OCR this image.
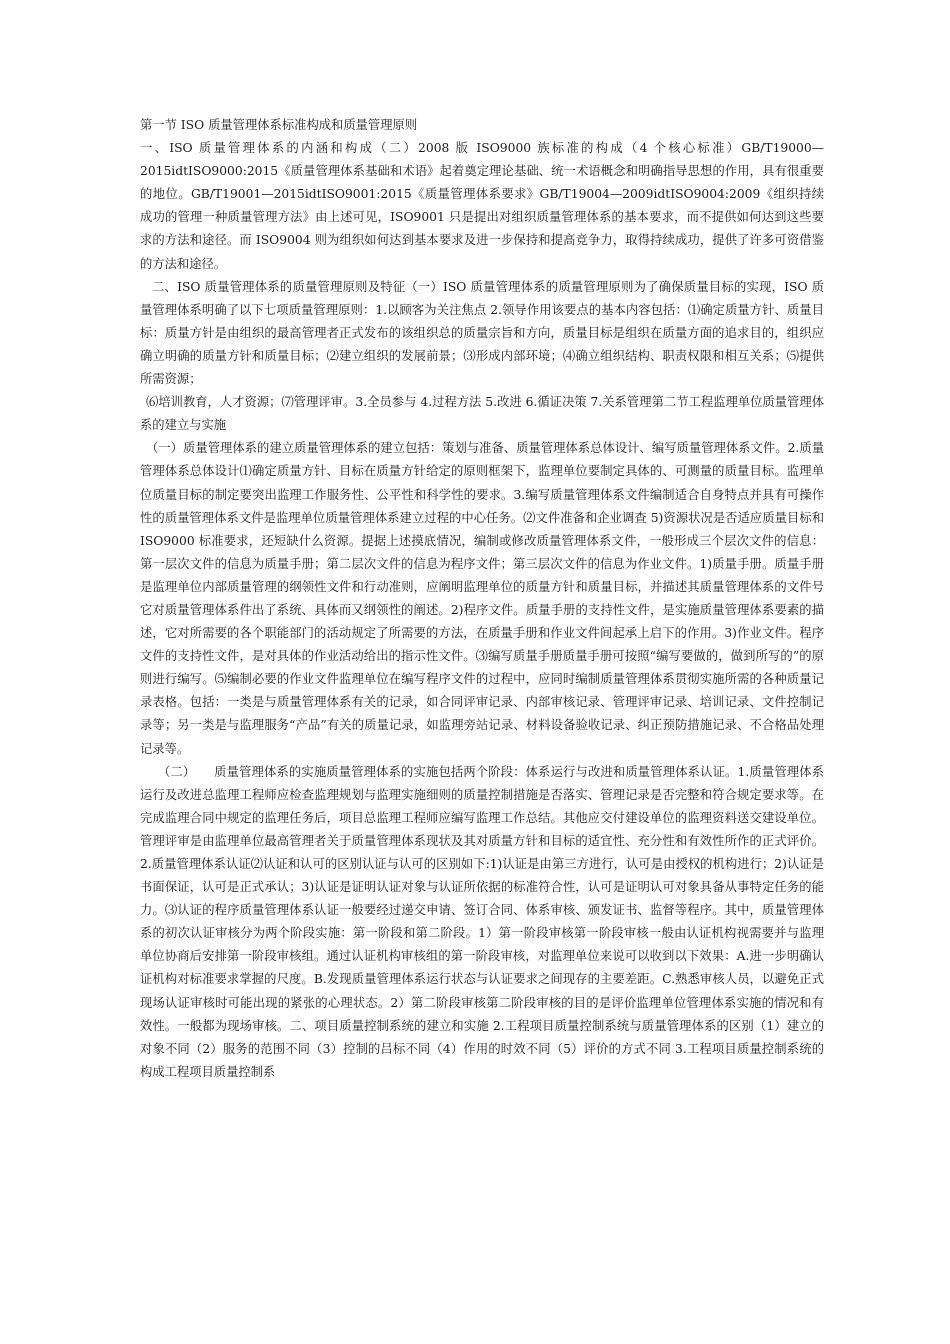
第一节 ISO 质量管理体系标准构成和质量管理原则

一、ISO 质量管理体系的内涵和构成（二）2008 版 ISO9000 族标准的构成（4 个核心标准）GB/T19000—2015idtISO9000:2015《质量管理体系基础和术语》起着奠定理论基础、统一术语概念和明确指导思想的作用，具有很重要的地位。GB/T19001—2015idtISO9001:2015《质量管理体系要求》GB/T19004—2009idtISO9004:2009《组织持续成功的管理一种质量管理方法》由上述可见，ISO9001 只是提出对组织质量管理体系的基本要求，而不提供如何达到这些要求的方法和途径。而 ISO9004 则为组织如何达到基本要求及进一步保持和提高竞争力，取得持续成功，提供了许多可资借鉴的方法和途径。

二、ISO 质量管理体系的质量管理原则及特征（一）ISO 质量管理体系的质量管理原则为了确保质量目标的实现，ISO 质量管理体系明确了以下七项质量管理原则：1.以顾客为关注焦点 2.领导作用该要点的基本内容包括：⑴确定质量方针、质量目标：质量方针是由组织的最高管理者正式发布的该组织总的质量宗旨和方向，质量目标是组织在质量方面的追求目的，组织应确立明确的质量方针和质量目标；⑵建立组织的发展前景；⑶形成内部环境；⑷确立组织结构、职责权限和相互关系；⑸提供所需资源；

⑹培训教育，人才资源；⑺管理评审。3.全员参与 4.过程方法 5.改进 6.循证决策 7.关系管理第二节工程监理单位质量管理体系的建立与实施

（一）质量管理体系的建立质量管理体系的建立包括：策划与准备、质量管理体系总体设计、编写质量管理体系文件。2.质量管理体系总体设计⑴确定质量方针、目标在质量方针给定的原则框架下，监理单位要制定具体的、可测量的质量目标。监理单位质量目标的制定要突出监理工作服务性、公平性和科学性的要求。3.编写质量管理体系文件编制适合自身特点并具有可操作性的质量管理体系文件是监理单位质量管理体系建立过程的中心任务。⑵文件准备和企业调查 5)资源状况是否适应质量目标和 ISO9000 标准要求，还短缺什么资源。提据上述摸底情况，编制或修改质量管理体系文件，一般形成三个层次文件的信息：第一层次文件的信息为质量手册；第二层次文件的信息为程序文件；第三层次文件的信息为作业文件。1)质量手册。质量手册是监理单位内部质量管理的纲领性文件和行动准则，应阐明监理单位的质量方针和质量目标，并描述其质量管理体系的文件号它对质量管理体系件出了系统、具体而又纲领性的阐述。2)程序文件。质量手册的支持性文件，是实施质量管理体系要素的描述，它对所需要的各个职能部门的活动规定了所需要的方法，在质量手册和作业文件间起承上启下的作用。3)作业文件。程序文件的支持性文件，是对具体的作业活动给出的指示性文件。⑶编写质量手册质量手册可按照“编写要做的，做到所写的”的原则进行编写。⑸编制必要的作业文件监理单位在编写程序文件的过程中，应同时编制质量管理体系贯彻实施所需的各种质量记录表格。包括：一类是与质量管理体系有关的记录，如合同评审记录、内部审核记录、管理评审记录、培训记录、文件控制记录等；另一类是与监理服务“产品”有关的质量记录，如监理旁站记录、材料设备验收记录、纠正预防措施记录、不合格品处理记录等。

（二）　　质量管理体系的实施质量管理体系的实施包括两个阶段：体系运行与改进和质量管理体系认证。1.质量管理体系运行及改进总监理工程师应检查监理规划与监理实施细则的质量控制措施是否落实、管理记录是否完整和符合规定要求等。在完成监理合同中规定的监理任务后，项目总监理工程师应编写监理工作总结。其他应交付建设单位的监理资料送交建设单位。管理评审是由监理单位最高管理者关于质量管理体系现状及其对质量方针和目标的适宜性、充分性和有效性所作的正式评价。2.质量管理体系认证⑵认证和认可的区别认证与认可的区别如下:1)认证是由第三方进行，认可是由授权的机构进行；2)认证是书面保证，认可是正式承认；3)认证是证明认证对象与认证所依据的标准符合性，认可是证明认可对象具备从事特定任务的能力。⑶认证的程序质量管理体系认证一般要经过递交申请、签订合同、体系审核、颁发证书、监督等程序。其中，质量管理体系的初次认证审核分为两个阶段实施：第一阶段和第二阶段。1）第一阶段审核第一阶段审核一般由认证机构视需要并与监理单位协商后安排第一阶段审核组。通过认证机构审核组的第一阶段审核，对监理单位来说可以收到以下效果：A.进一步明确认证机构对标准要求掌握的尺度。B.发现质量管理体系运行状态与认证要求之间现存的主要差距。C.熟悉审核人员，以避免正式现场认证审核时可能出现的紧张的心理状态。2）第二阶段审核第二阶段审核的目的是评价监理单位管理体系实施的情况和有效性。一般都为现场审核。二、项目质量控制系统的建立和实施 2.工程项目质量控制系统与质量管理体系的区别（1）建立的对象不同（2）服务的范围不同（3）控制的吕标不同（4）作用的时效不同（5）评价的方式不同 3.工程项目质量控制系统的构成工程项目质量控制系
